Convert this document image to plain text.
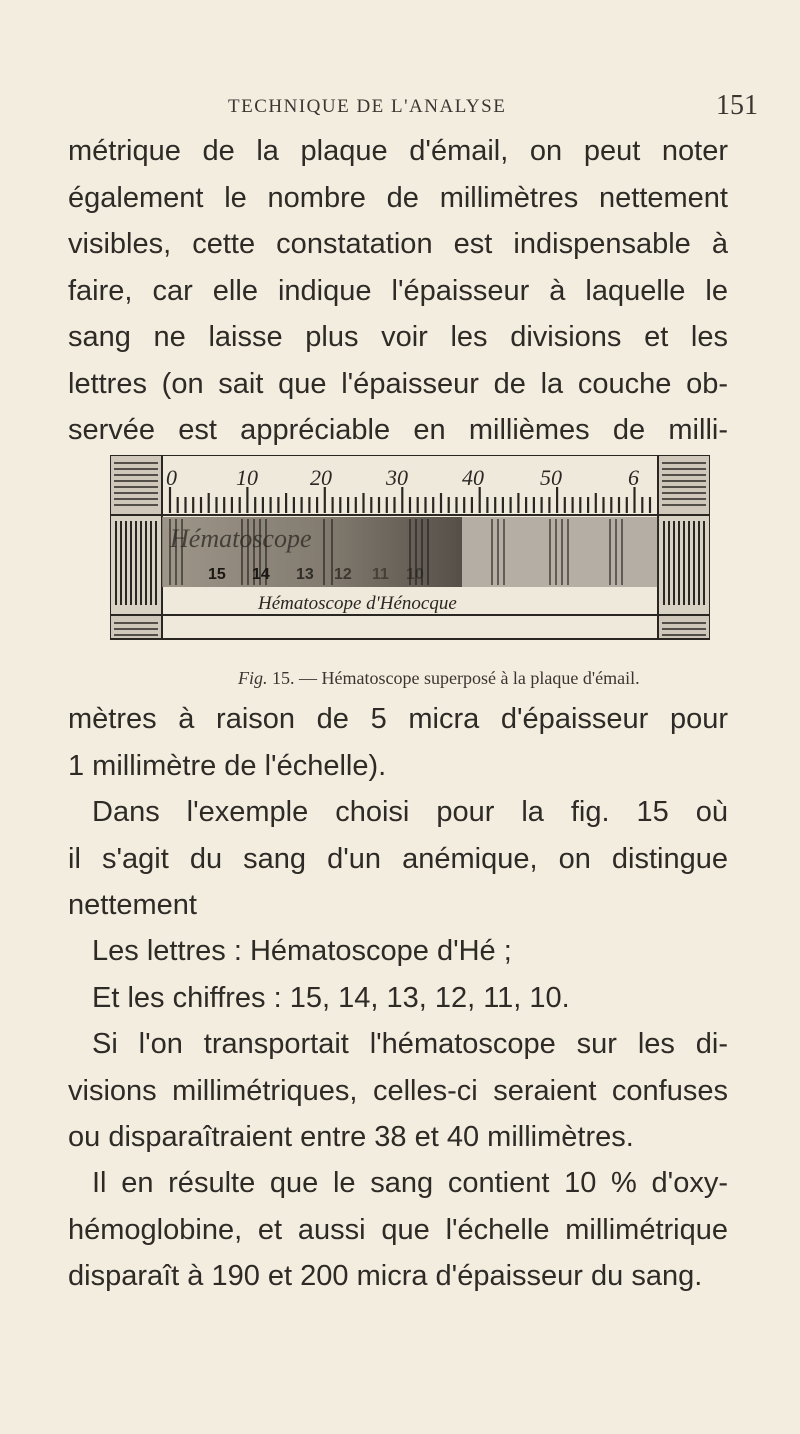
TECHNIQUE DE L'ANALYSE	151
métrique de la plaque d'émail, on peut noter
également le nombre de millimètres nettement
visibles, cette constatation est indispensable à
faire, car elle indique l'épaisseur à laquelle le
sang ne laisse plus voir les divisions et les
lettres (on sait que l'épaisseur de la couche ob-
servée est appréciable en millièmes de milli-
0	10 20 30 40	50	6
Hématoscope
15 14 13 12 11 10
Hématoscope d'Hénocque
Fig. 15. — Hématoscope superposé à la plaque d'émail.
mètres à raison de 5 micra d'épaisseur pour
1 millimètre de l'échelle).
Dans l'exemple choisi pour la fig. 15 où
il s'agit du sang d'un anémique, on distingue
nettement
Les lettres : Hématoscope d'Hé ;
Et les chiffres : 15, 14, 13, 12, 11, 10.
Si l'on transportait l'hématoscope sur les di-
visions millimétriques, celles-ci seraient confuses
ou disparaîtraient entre 38 et 40 millimètres.
Il en résulte que le sang contient 10 % d'oxy-
hémoglobine, et aussi que l'échelle millimétrique
disparaît à 190 et 200 micra d'épaisseur du sang.
